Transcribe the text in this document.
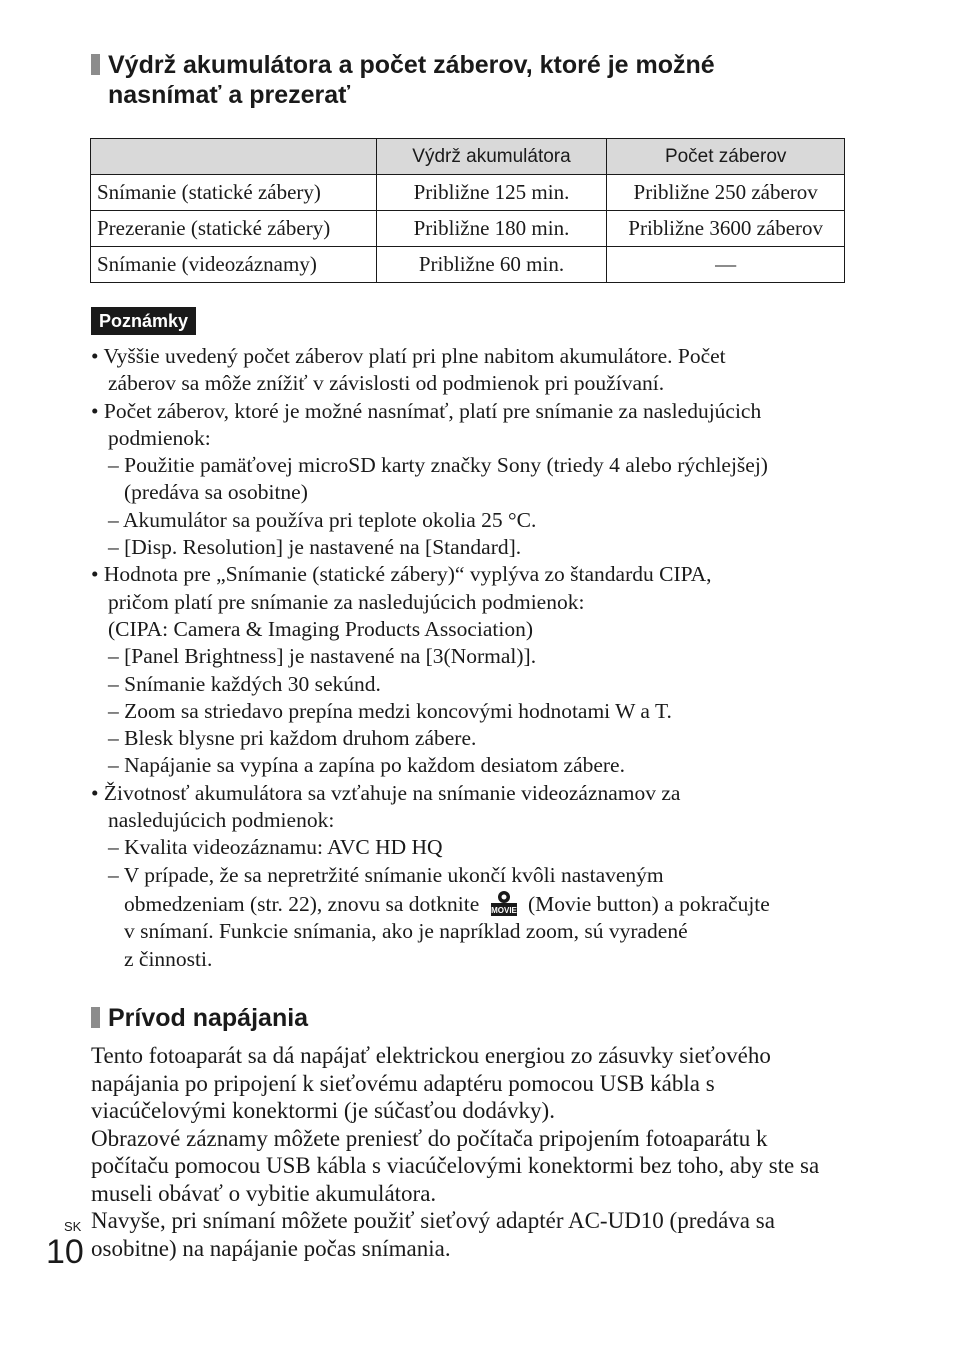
Výdrž akumulátora a počet záberov, ktoré je možné
nasnímať a prezerať
	Výdrž akumulátora	Počet záberov
Snímanie (statické zábery)	Približne 125 min.	Približne 250 záberov
Prezeranie (statické zábery)	Približne 180 min.	Približne 3600 záberov
Snímanie (videozáznamy)	Približne 60 min.	—
Poznámky
• Vyššie uvedený počet záberov platí pri plne nabitom akumulátore. Počet
záberov sa môže znížiť v závislosti od podmienok pri používaní.
• Počet záberov, ktoré je možné nasnímať, platí pre snímanie za nasledujúcich
podmienok:
– Použitie pamäťovej microSD karty značky Sony (triedy 4 alebo rýchlejšej)
(predáva sa osobitne)
– Akumulátor sa používa pri teplote okolia 25 °C.
– [Disp. Resolution] je nastavené na [Standard].
• Hodnota pre „Snímanie (statické zábery)“ vyplýva zo štandardu CIPA,
pričom platí pre snímanie za nasledujúcich podmienok:
(CIPA: Camera & Imaging Products Association)
– [Panel Brightness] je nastavené na [3(Normal)].
– Snímanie každých 30 sekúnd.
– Zoom sa striedavo prepína medzi koncovými hodnotami W a T.
– Blesk blysne pri každom druhom zábere.
– Napájanie sa vypína a zapína po každom desiatom zábere.
• Životnosť akumulátora sa vzťahuje na snímanie videozáznamov za
nasledujúcich podmienok:
– Kvalita videozáznamu: AVC HD HQ
– V prípade, že sa nepretržité snímanie ukončí kvôli nastaveným
obmedzeniam (str. 22), znovu sa dotknite MOVIE (Movie button) a pokračujte
v snímaní. Funkcie snímania, ako je napríklad zoom, sú vyradené
z činnosti.
Prívod napájania

Tento fotoaparát sa dá napájať elektrickou energiou zo zásuvky sieťového napájania po pripojení k sieťovému adaptéru pomocou USB kábla s viacúčelovými konektormi (je súčasťou dodávky).

Obrazové záznamy môžete preniesť do počítača pripojením fotoaparátu k počítaču pomocou USB kábla s viacúčelovými konektormi bez toho, aby ste sa museli obávať o vybitie akumulátora.

Navyše, pri snímaní môžete použiť sieťový adaptér AC-UD10 (predáva sa osobitne) na napájanie počas snímania.

SK
10
